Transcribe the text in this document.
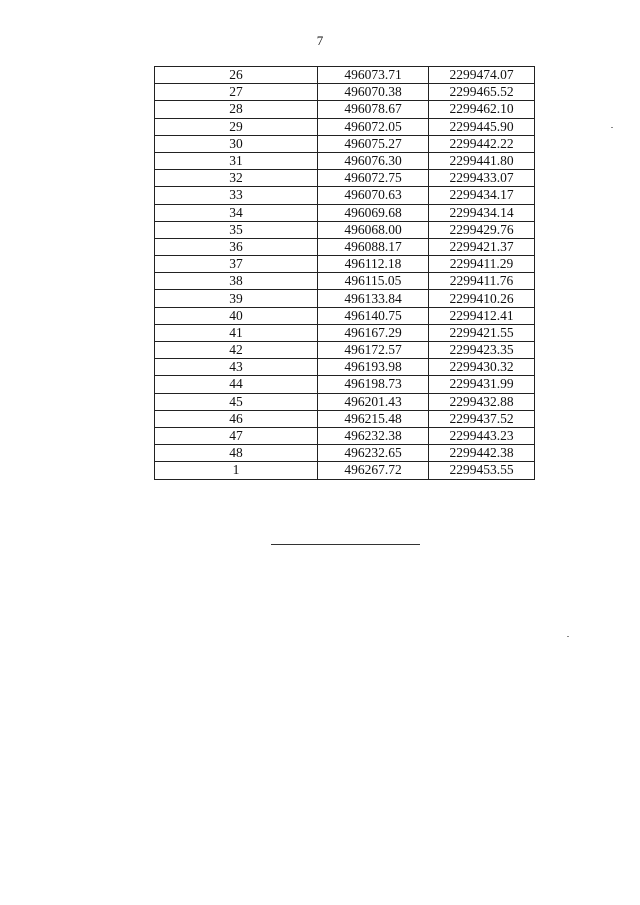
7
26	496073.71	2299474.07
27	496070.38	2299465.52
28	496078.67	2299462.10
29	496072.05	2299445.90
30	496075.27	2299442.22
31	496076.30	2299441.80
32	496072.75	2299433.07
33	496070.63	2299434.17
34	496069.68	2299434.14
35	496068.00	2299429.76
36	496088.17	2299421.37
37	496112.18	2299411.29
38	496115.05	2299411.76
39	496133.84	2299410.26
40	496140.75	2299412.41
41	496167.29	2299421.55
42	496172.57	2299423.35
43	496193.98	2299430.32
44	496198.73	2299431.99
45	496201.43	2299432.88
46	496215.48	2299437.52
47	496232.38	2299443.23
48	496232.65	2299442.38
1	496267.72	2299453.55
